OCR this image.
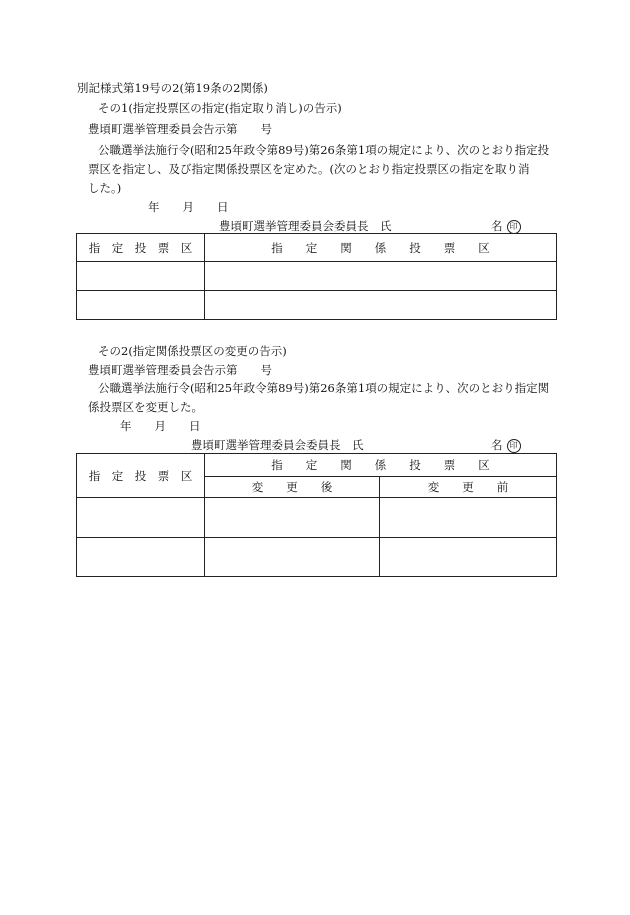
別記様式第19号の2(第19条の2関係)
その1(指定投票区の指定(指定取り消し)の告示)
豊頃町選挙管理委員会告示第　　号
公職選挙法施行令(昭和25年政令第89号)第26条第1項の規定により、次のとおり指定投
票区を指定し、及び指定関係投票区を定めた。(次のとおり指定投票区の指定を取り消
した。)
年　　月　　日
豊頃町選挙管理委員会委員長　氏	名 印
指　定　投　票　区	指　　定　　関　　係　　投　　票　　区

その2(指定関係投票区の変更の告示)
豊頃町選挙管理委員会告示第　　号
公職選挙法施行令(昭和25年政令第89号)第26条第1項の規定により、次のとおり指定関
係投票区を変更した。
年　　月　　日
豊頃町選挙管理委員会委員長　氏	名 印
指　定　投　票　区	指　　定　　関　　係　　投　　票　　区	
	変　　更　　後	変　　更　　前
